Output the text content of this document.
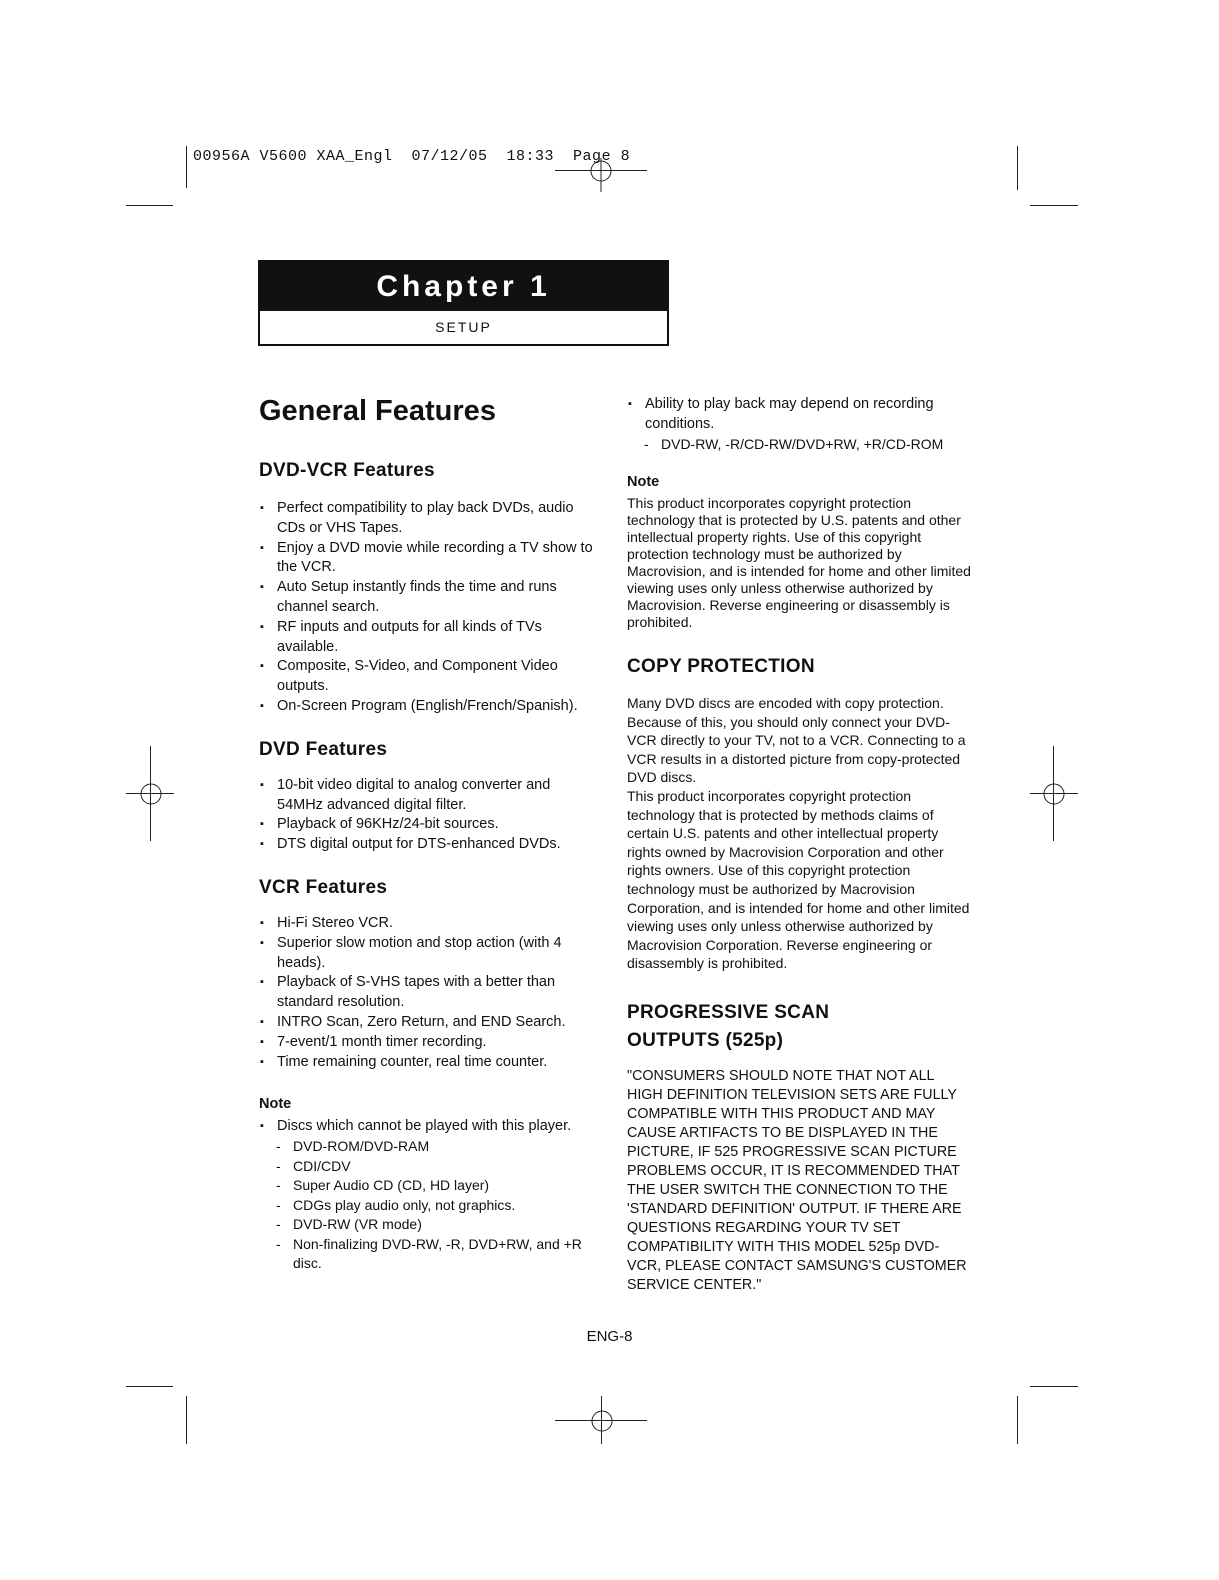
00956A V5600 XAA_Engl  07/12/05  18:33  Page 8
Chapter 1
SETUP
General Features
DVD-VCR Features
▪ Perfect compatibility to play back DVDs, audio CDs or VHS Tapes.
▪ Enjoy a DVD movie while recording a TV show to the VCR.
▪ Auto Setup instantly finds the time and runs channel search.
▪ RF inputs and outputs for all kinds of TVs available.
▪ Composite, S-Video, and Component Video outputs.
▪ On-Screen Program (English/French/Spanish).
DVD Features
▪ 10-bit video digital to analog converter and 54MHz advanced digital filter.
▪ Playback of 96KHz/24-bit sources.
▪ DTS digital output for DTS-enhanced DVDs.
VCR Features
▪ Hi-Fi Stereo VCR.
▪ Superior slow motion and stop action (with 4 heads).
▪ Playback of S-VHS tapes with a better than standard resolution.
▪ INTRO Scan, Zero Return, and END Search.
▪ 7-event/1 month timer recording.
▪ Time remaining counter, real time counter.
Note
▪ Discs which cannot be played with this player.
- DVD-ROM/DVD-RAM
- CDI/CDV
- Super Audio CD (CD, HD layer)
- CDGs play audio only, not graphics.
- DVD-RW (VR mode)
- Non-finalizing DVD-RW, -R, DVD+RW, and +R disc.
▪ Ability to play back may depend on recording conditions.
- DVD-RW, -R/CD-RW/DVD+RW, +R/CD-ROM
Note

This product incorporates copyright protection technology that is protected by U.S. patents and other intellectual property rights. Use of this copyright protection technology must be authorized by Macrovision, and is intended for home and other limited viewing uses only unless otherwise authorized by Macrovision. Reverse engineering or disassembly is prohibited.

COPY PROTECTION

Many DVD discs are encoded with copy protection. Because of this, you should only connect your DVD-VCR directly to your TV, not to a VCR. Connecting to a VCR results in a distorted picture from copy-protected DVD discs.

This product incorporates copyright protection technology that is protected by methods claims of certain U.S. patents and other intellectual property rights owned by Macrovision Corporation and other rights owners. Use of this copyright protection technology must be authorized by Macrovision Corporation, and is intended for home and other limited viewing uses only unless otherwise authorized by Macrovision Corporation. Reverse engineering or disassembly is prohibited.

PROGRESSIVE SCAN
OUTPUTS (525p)

"CONSUMERS SHOULD NOTE THAT NOT ALL HIGH DEFINITION TELEVISION SETS ARE FULLY COMPATIBLE WITH THIS PRODUCT AND MAY CAUSE ARTIFACTS TO BE DISPLAYED IN THE PICTURE, IF 525 PROGRESSIVE SCAN PICTURE PROBLEMS OCCUR, IT IS RECOMMENDED THAT THE USER SWITCH THE CONNECTION TO THE 'STANDARD DEFINITION' OUTPUT. IF THERE ARE QUESTIONS REGARDING YOUR TV SET COMPATIBILITY WITH THIS MODEL 525p DVD-VCR, PLEASE CONTACT SAMSUNG'S CUSTOMER SERVICE CENTER."

ENG-8
